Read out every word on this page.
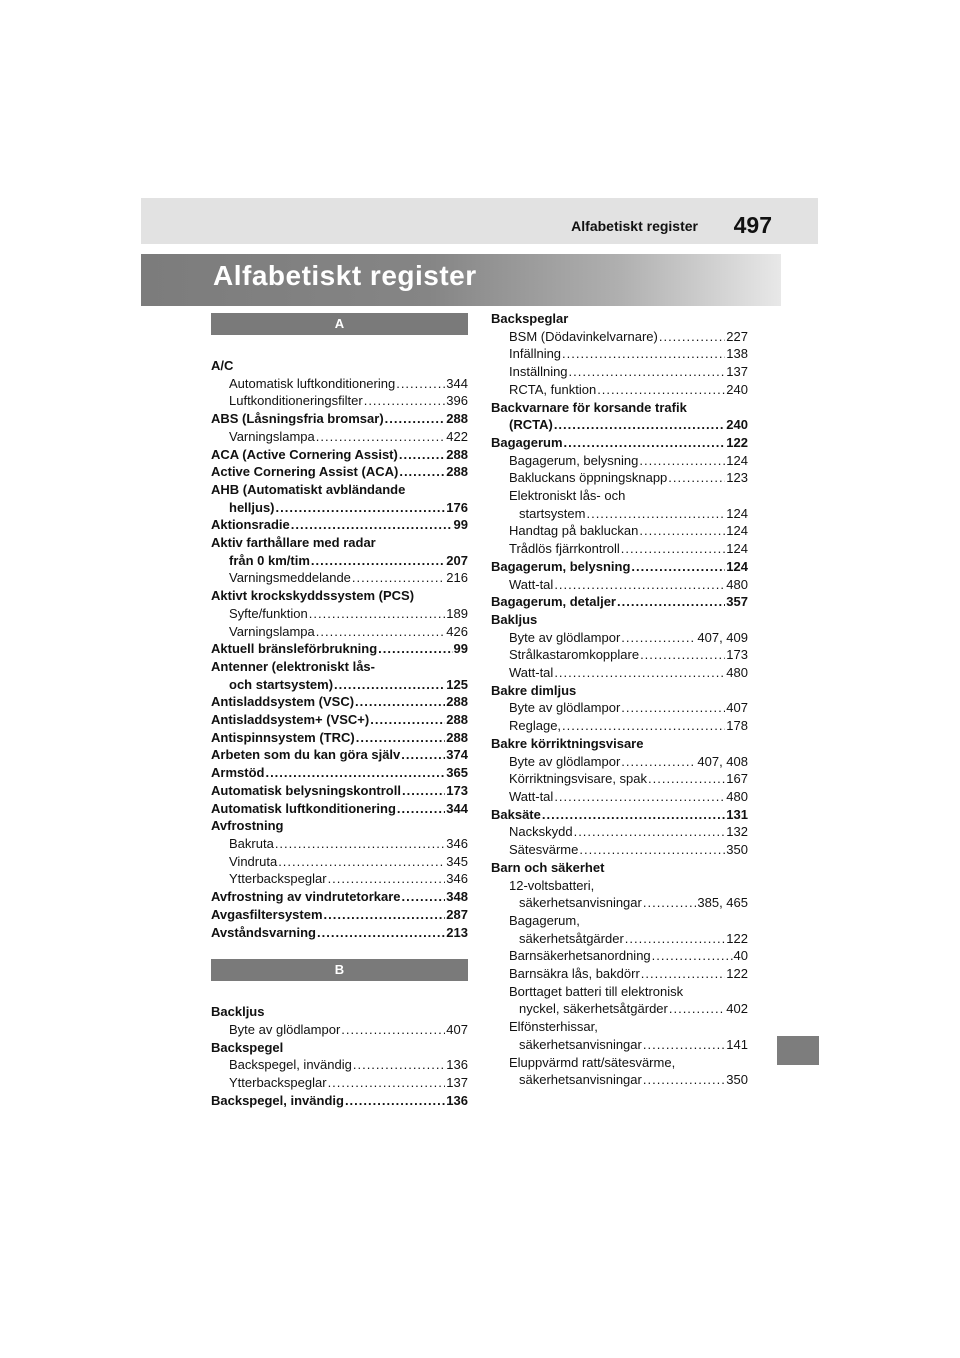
Alfabetiskt register 497
Alfabetiskt register
A
A/C
Automatisk luftkonditionering .....	344
Luftkonditioneringsfilter .....	396
ABS (Låsningsfria bromsar) .....	288
Varningslampa .....	422
ACA (Active Cornering Assist) .....	288
Active Cornering Assist (ACA) .....	288
AHB (Automatiskt avbländande
helljus) .....	176
Aktionsradie .....	99
Aktiv farthållare med radar
från 0 km/tim .....	207
Varningsmeddelande .....	216
Aktivt krockskyddssystem (PCS)
Syfte/funktion .....	189
Varningslampa .....	426
Aktuell bränsleförbrukning .....	99
Antenner (elektroniskt lås-
och startsystem) .....	125
Antisladdsystem (VSC) .....	288
Antisladdsystem+ (VSC+) .....	288
Antispinnsystem (TRC) .....	288
Arbeten som du kan göra själv .....	374
Armstöd .....	365
Automatisk belysningskontroll .....	173
Automatisk luftkonditionering .....	344
Avfrostning
Bakruta .....	346
Vindruta .....	345
Ytterbackspeglar .....	346
Avfrostning av vindrutetorkare .....	348
Avgasfiltersystem .....	287
Avståndsvarning .....	213
B
Backljus
Byte av glödlampor .....	407
Backspegel
Backspegel, invändig .....	136
Ytterbackspeglar .....	137
Backspegel, invändig .....	136
Backspeglar
BSM (Dödavinkelvarnare) .....	227
Infällning .....	138
Inställning .....	137
RCTA, funktion .....	240
Backvarnare för korsande trafik
(RCTA) .....	240
Bagagerum .....	122
Bagagerum, belysning .....	124
Bakluckans öppningsknapp .....	123
Elektroniskt lås- och
startsystem .....	124
Handtag på bakluckan .....	124
Trådlös fjärrkontroll .....	124
Bagagerum, belysning .....	124
Watt-tal .....	480
Bagagerum, detaljer .....	357
Bakljus
Byte av glödlampor .....	407, 409
Strålkastaromkopplare .....	173
Watt-tal .....	480
Bakre dimljus
Byte av glödlampor .....	407
Reglage, .....	178
Bakre körriktningsvisare
Byte av glödlampor .....	407, 408
Körriktningsvisare, spak .....	167
Watt-tal .....	480
Baksäte .....	131
Nackskydd .....	132
Sätesvärme .....	350
Barn och säkerhet
12-voltsbatteri,
säkerhetsanvisningar .....	385, 465
Bagagerum,
säkerhetsåtgärder .....	122
Barnsäkerhetsanordning .....	40
Barnsäkra lås, bakdörr .....	122
Borttaget batteri till elektronisk
nyckel, säkerhetsåtgärder .....	402
Elfönsterhissar,
säkerhetsanvisningar .....	141
Eluppvärmd ratt/sätesvärme,
säkerhetsanvisningar .....	350
